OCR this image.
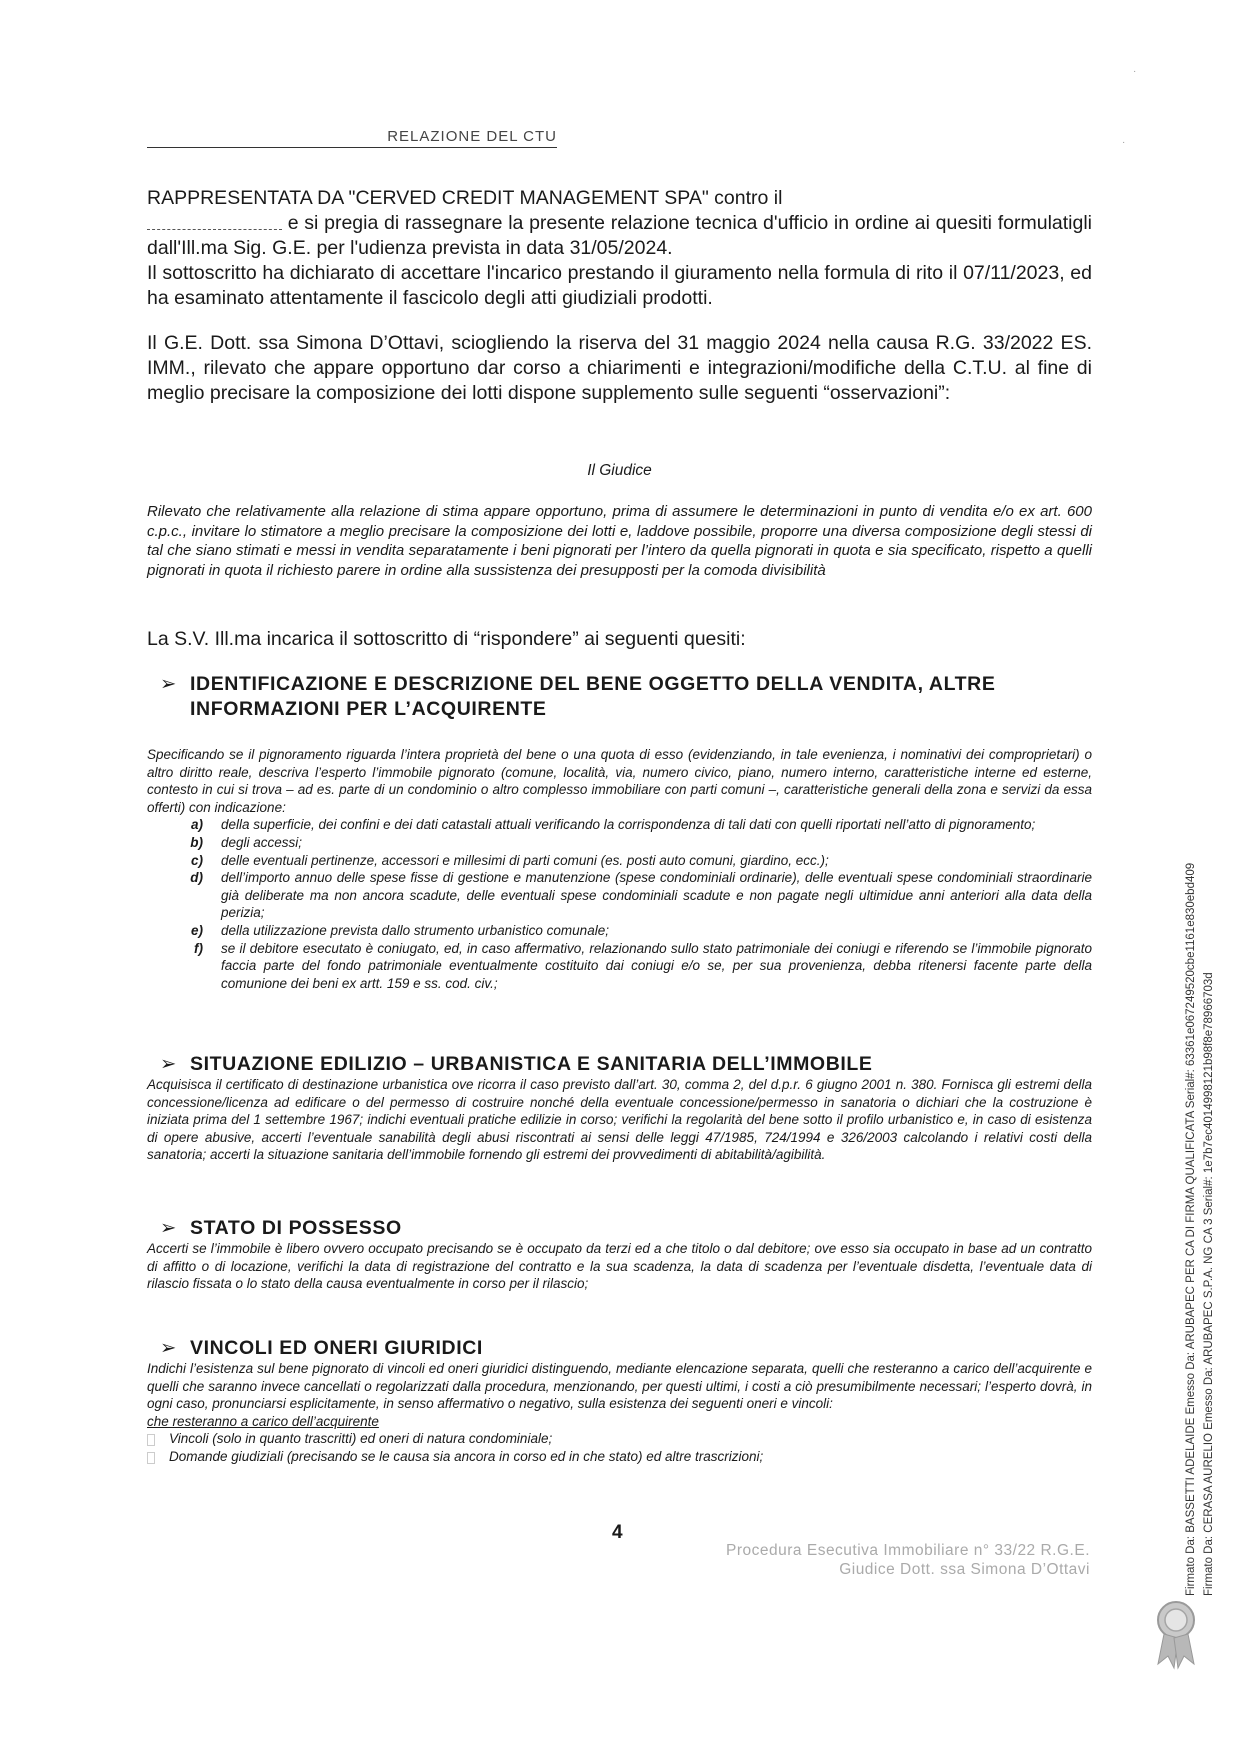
RELAZIONE DEL CTU

RAPPRESENTATA DA "CERVED CREDIT MANAGEMENT SPA" contro il

e si pregia di rassegnare la presente relazione tecnica d'ufficio in ordine ai quesiti formulatigli dall'Ill.ma Sig. G.E. per l'udienza prevista in data 31/05/2024.

Il sottoscritto ha dichiarato di accettare l'incarico prestando il giuramento nella formula di rito il 07/11/2023, ed ha esaminato attentamente il fascicolo degli atti giudiziali prodotti.

Il G.E. Dott. ssa Simona D’Ottavi, sciogliendo la riserva del 31 maggio 2024 nella causa R.G. 33/2022 ES. IMM., rilevato che appare opportuno dar corso a chiarimenti e integrazioni/modifiche della C.T.U. al fine di meglio precisare la composizione dei lotti dispone supplemento sulle seguenti “osservazioni”:

Il Giudice
Rilevato che relativamente alla relazione di stima appare opportuno, prima di assumere le determinazioni in punto di vendita e/o ex art. 600 c.p.c., invitare lo stimatore a meglio precisare la composizione dei lotti e, laddove possibile, proporre una diversa composizione degli stessi di tal che siano stimati e messi in vendita separatamente i beni pignorati per l’intero da quella pignorati in quota e sia specificato, rispetto a quelli pignorati in quota il richiesto parere in ordine alla sussistenza dei presupposti per la comoda divisibilità
La S.V. Ill.ma incarica il sottoscritto di “rispondere” ai seguenti quesiti:
➢ IDENTIFICAZIONE E DESCRIZIONE DEL BENE OGGETTO DELLA VENDITA, ALTRE INFORMAZIONI PER L’ACQUIRENTE
Specificando se il pignoramento riguarda l’intera proprietà del bene o una quota di esso (evidenziando, in tale evenienza, i nominativi dei comproprietari) o altro diritto reale, descriva l’esperto l’immobile pignorato (comune, località, via, numero civico, piano, numero interno, caratteristiche interne ed esterne, contesto in cui si trova – ad es. parte di un condominio o altro complesso immobiliare con parti comuni –, caratteristiche generali della zona e servizi da essa offerti) con indicazione:
a) della superficie, dei confini e dei dati catastali attuali verificando la corrispondenza di tali dati con quelli riportati nell’atto di pignoramento;
b) degli accessi;
c) delle eventuali pertinenze, accessori e millesimi di parti comuni (es. posti auto comuni, giardino, ecc.);
d) dell’importo annuo delle spese fisse di gestione e manutenzione (spese condominiali ordinarie), delle eventuali spese condominiali straordinarie già deliberate ma non ancora scadute, delle eventuali spese condominiali scadute e non pagate negli ultimidue anni anteriori alla data della perizia;
e) della utilizzazione prevista dallo strumento urbanistico comunale;
f) se il debitore esecutato è coniugato, ed, in caso affermativo, relazionando sullo stato patrimoniale dei coniugi e riferendo se l’immobile pignorato faccia parte del fondo patrimoniale eventualmente costituito dai coniugi e/o se, per sua provenienza, debba ritenersi facente parte della comunione dei beni ex artt. 159 e ss. cod. civ.;
➢ SITUAZIONE EDILIZIO – URBANISTICA E SANITARIA DELL’IMMOBILE
Acquisisca il certificato di destinazione urbanistica ove ricorra il caso previsto dall’art. 30, comma 2, del d.p.r. 6 giugno 2001 n. 380. Fornisca gli estremi della concessione/licenza ad edificare o del permesso di costruire nonché della eventuale concessione/permesso in sanatoria o dichiari che la costruzione è iniziata prima del 1 settembre 1967; indichi eventuali pratiche edilizie in corso; verifichi la regolarità del bene sotto il profilo urbanistico e, in caso di esistenza di opere abusive, accerti l’eventuale sanabilità degli abusi riscontrati ai sensi delle leggi 47/1985, 724/1994 e 326/2003 calcolando i relativi costi della sanatoria; accerti la situazione sanitaria dell’immobile fornendo gli estremi dei provvedimenti di abitabilità/agibilità.
➢ STATO DI POSSESSO
Accerti se l’immobile è libero ovvero occupato precisando se è occupato da terzi ed a che titolo o dal debitore; ove esso sia occupato in base ad un contratto di affitto o di locazione, verifichi la data di registrazione del contratto e la sua scadenza, la data di scadenza per l’eventuale disdetta, l’eventuale data di rilascio fissata o lo stato della causa eventualmente in corso per il rilascio;
➢ VINCOLI ED ONERI GIURIDICI
Indichi l’esistenza sul bene pignorato di vincoli ed oneri giuridici distinguendo, mediante elencazione separata, quelli che resteranno a carico dell’acquirente e quelli che saranno invece cancellati o regolarizzati dalla procedura, menzionando, per questi ultimi, i costi a ciò presumibilmente necessari; l’esperto dovrà, in ogni caso, pronunciarsi esplicitamente, in senso affermativo o negativo, sulla esistenza dei seguenti oneri e vincoli:
che resteranno a carico dell’acquirente
Vincoli (solo in quanto trascritti) ed oneri di natura condominiale;
Domande giudiziali (precisando se le causa sia ancora in corso ed in che stato) ed altre trascrizioni;
4
Procedura Esecutiva Immobiliare n° 33/22 R.G.E.
Giudice Dott. ssa Simona D’Ottavi	Firmato Da: BASSETTI ADELAIDE Emesso Da: ARUBAPEC PER CA DI FIRMA QUALIFICATA Serial#: 63361e067249520cbe1161e830ebd409 Firmato Da: CERASA AURELIO Emesso Da: ARUBAPEC S.P.A. NG CA 3 Serial#: 1e7b7ec4014998121b98f8e78966703d
·
·
